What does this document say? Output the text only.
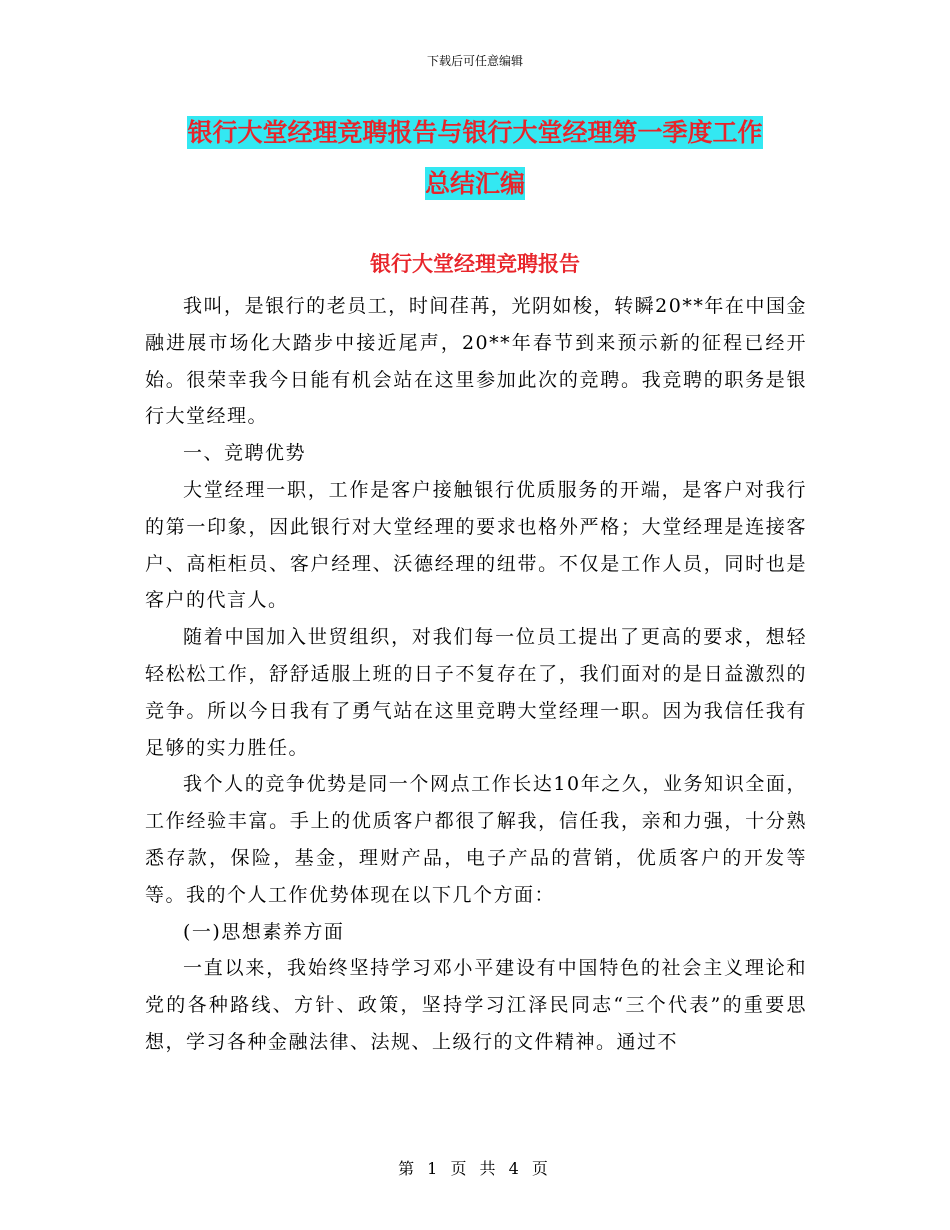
下载后可任意编辑
银行大堂经理竞聘报告与银行大堂经理第一季度工作
总结汇编
银行大堂经理竞聘报告

我叫，是银行的老员工，时间荏苒，光阴如梭，转瞬20**年在中国金融进展市场化大踏步中接近尾声，20**年春节到来预示新的征程已经开始。很荣幸我今日能有机会站在这里参加此次的竞聘。我竞聘的职务是银行大堂经理。

一、竞聘优势

大堂经理一职，工作是客户接触银行优质服务的开端，是客户对我行的第一印象，因此银行对大堂经理的要求也格外严格；大堂经理是连接客户、高柜柜员、客户经理、沃德经理的纽带。不仅是工作人员，同时也是客户的代言人。

随着中国加入世贸组织，对我们每一位员工提出了更高的要求，想轻轻松松工作，舒舒适服上班的日子不复存在了，我们面对的是日益激烈的竞争。所以今日我有了勇气站在这里竞聘大堂经理一职。因为我信任我有足够的实力胜任。

我个人的竞争优势是同一个网点工作长达10年之久，业务知识全面，工作经验丰富。手上的优质客户都很了解我，信任我，亲和力强，十分熟悉存款，保险，基金，理财产品，电子产品的营销，优质客户的开发等等。我的个人工作优势体现在以下几个方面：

(一)思想素养方面

一直以来，我始终坚持学习邓小平建设有中国特色的社会主义理论和党的各种路线、方针、政策，坚持学习江泽民同志“三个代表”的重要思想，学习各种金融法律、法规、上级行的文件精神。通过不

第 1 页 共 4 页
